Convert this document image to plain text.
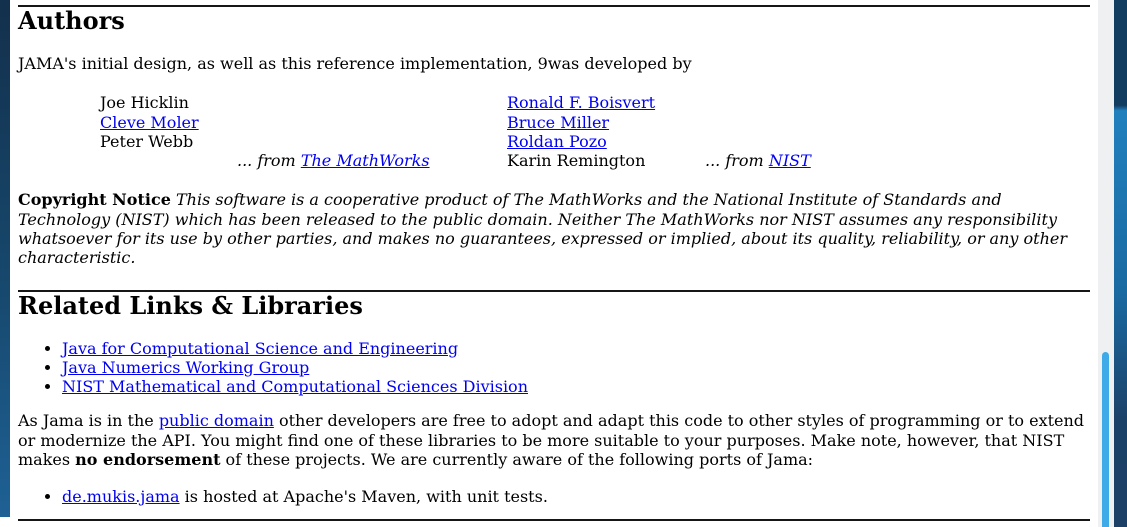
Authors

JAMA's initial design, as well as this reference implementation, 9was developed by

Joe Hicklin		Ronald F. Boisvert	
Cleve Moler		Bruce Miller	
Peter Webb		Roldan Pozo	
	... from The MathWorks	Karin Remington	... from NIST

Copyright Notice This software is a cooperative product of The MathWorks and the National Institute of Standards and Technology (NIST) which has been released to the public domain. Neither The MathWorks nor NIST assumes any responsibility whatsoever for its use by other parties, and makes no guarantees, expressed or implied, about its quality, reliability, or any other characteristic.

Related Links & Libraries
• Java for Computational Science and Engineering
• Java Numerics Working Group
• NIST Mathematical and Computational Sciences Division

As Jama is in the public domain other developers are free to adopt and adapt this code to other styles of programming or to extend or modernize the API. You might find one of these libraries to be more suitable to your purposes. Make note, however, that NIST makes no endorsement of these projects. We are currently aware of the following ports of Jama:

• de.mukis.jama is hosted at Apache's Maven, with unit tests.
